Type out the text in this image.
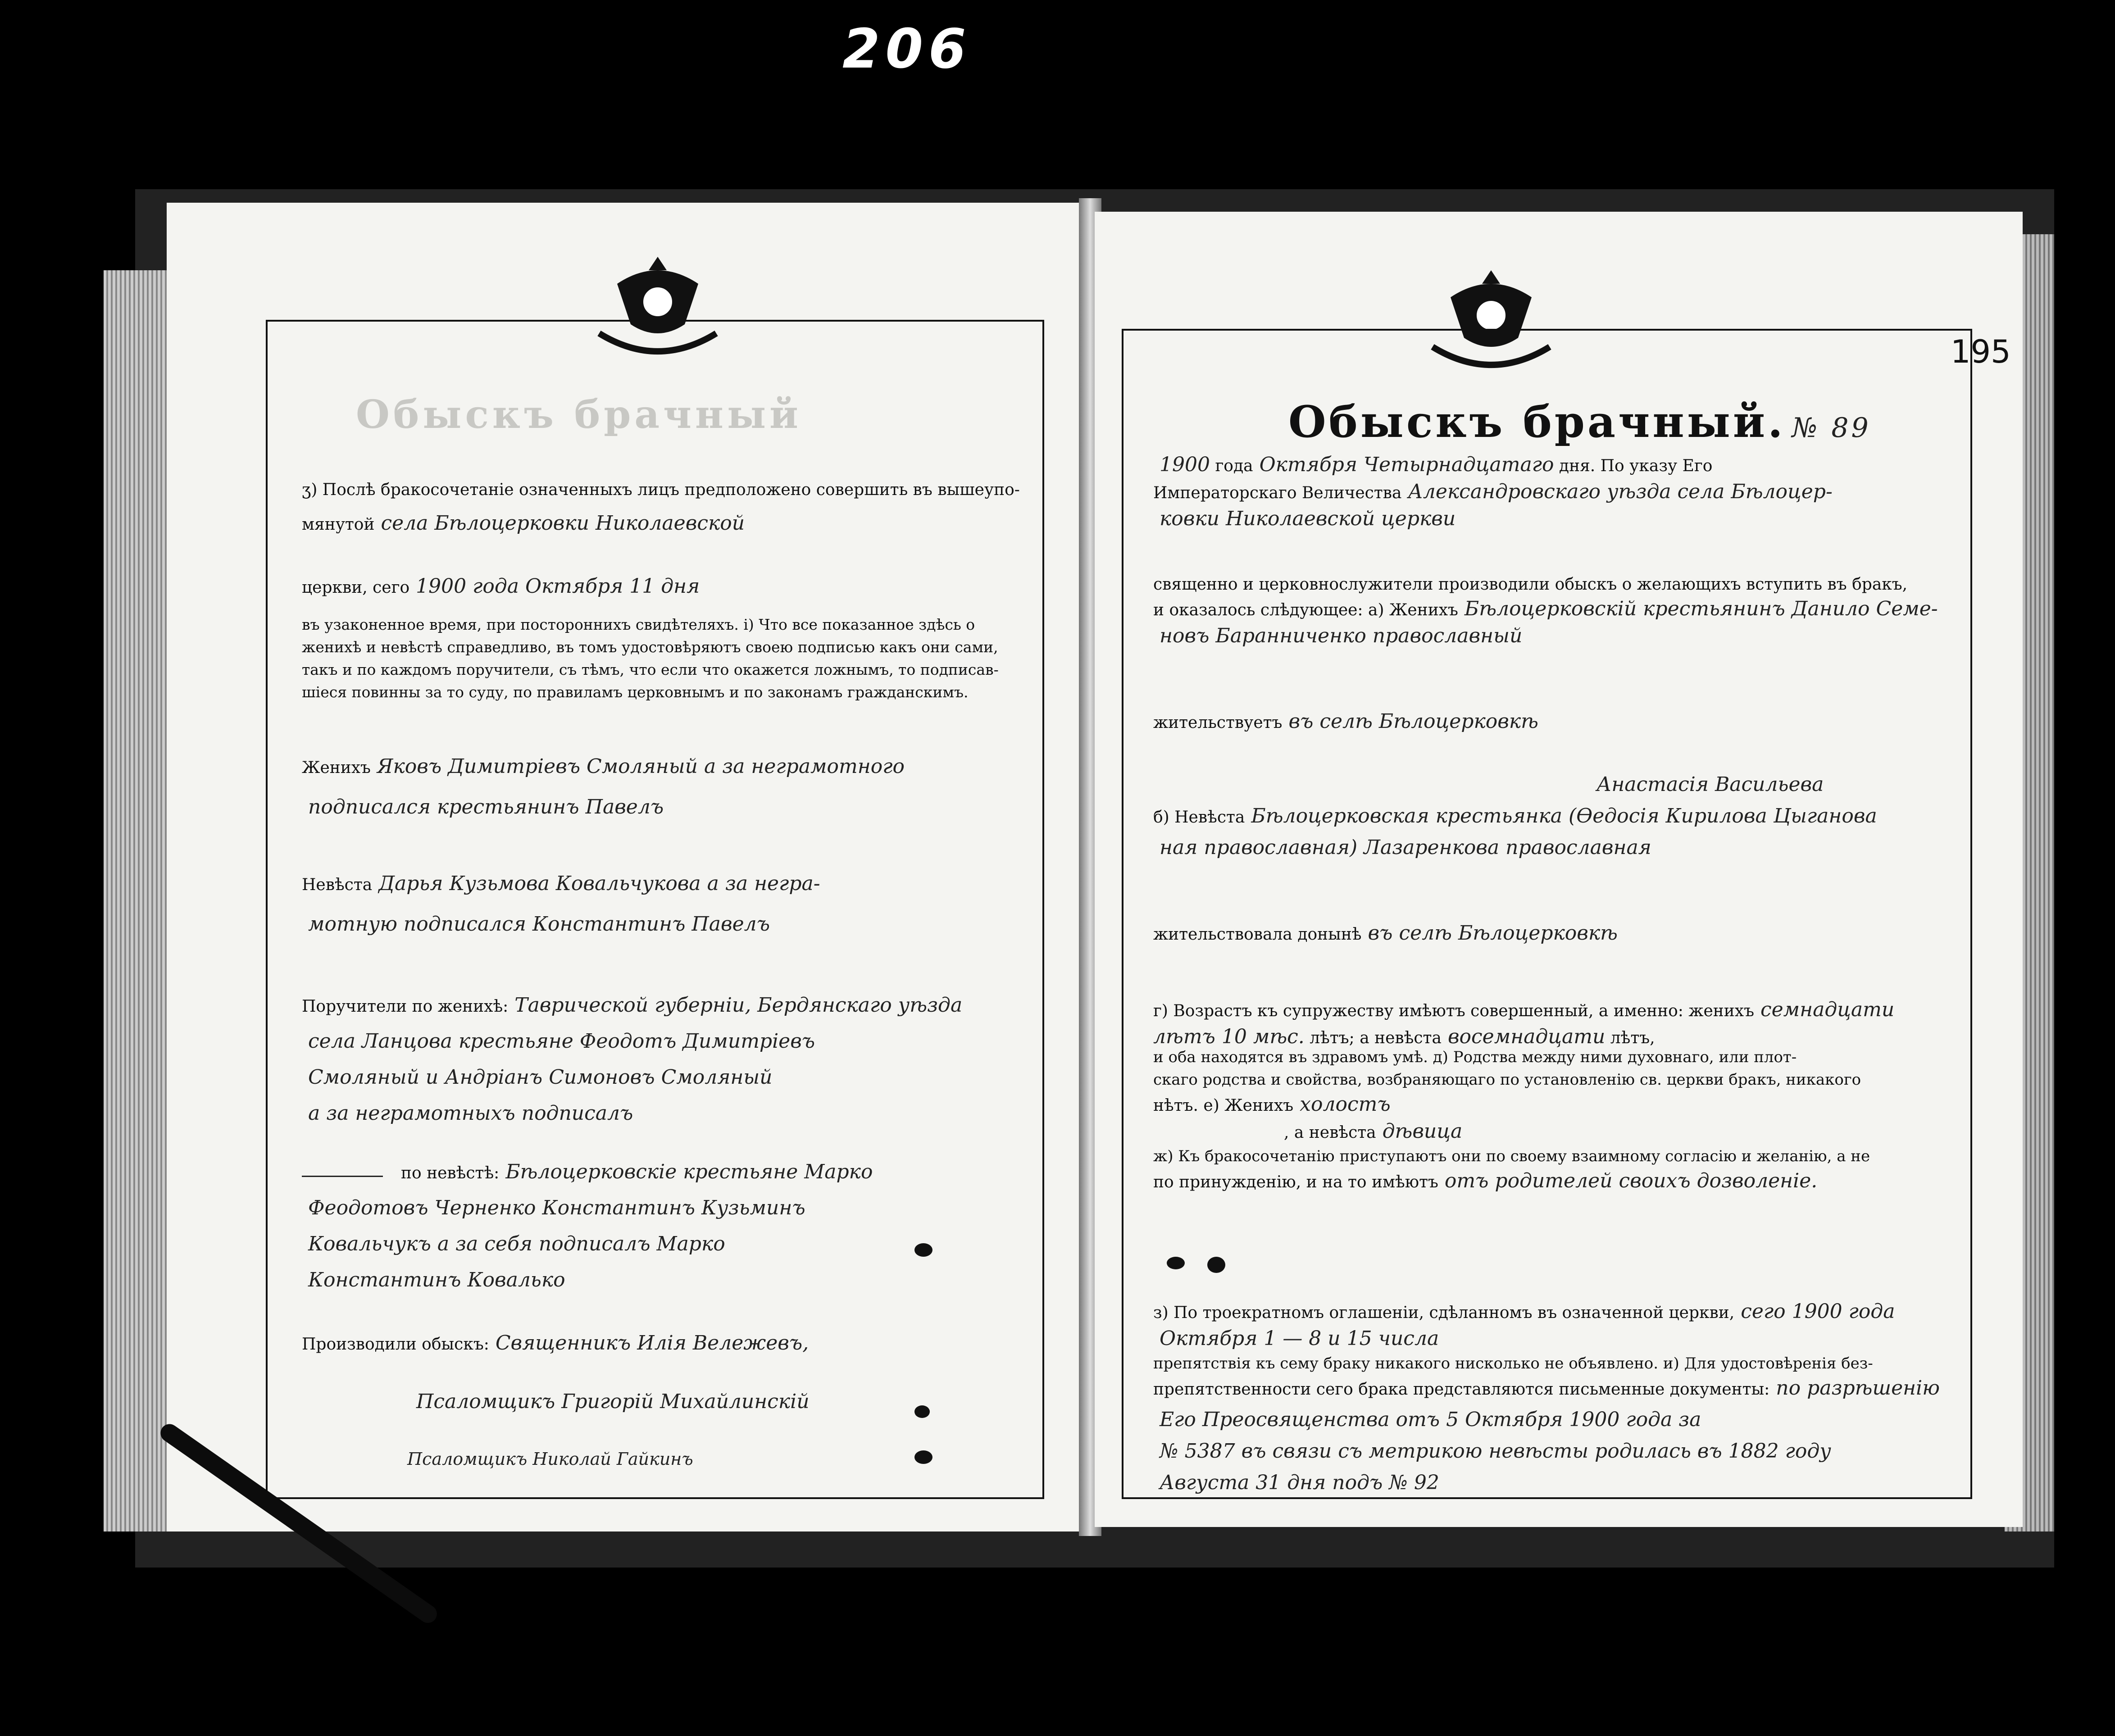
206
Обыскъ брачный
ӡ) Послѣ бракосочетаніе означенныхъ лицъ предположено совершить въ вышеупо-
мянутой села Бѣлоцерковки Николаевской
церкви, сего 1900 года Октября 11 дня
въ узаконенное время, при постороннихъ свидѣтеляхъ. і) Что все показанное здѣсь о
женихѣ и невѣстѣ справедливо, въ томъ удостовѣряютъ своею подписью какъ они сами,
такъ и по каждомъ поручители, съ тѣмъ, что если что окажется ложнымъ, то подписав-
шіеся повинны за то суду, по правиламъ церковнымъ и по законамъ гражданскимъ.
Женихъ Яковъ Димитріевъ Смоляный а за неграмотного
подписался крестьянинъ Павелъ
Невѣста Дарья Кузьмова Ковальчукова а за негра-
мотную подписался Константинъ Павелъ
Поручители по женихѣ: Таврической губерніи, Бердянскаго уѣзда
села Ланцова крестьяне Феодотъ Димитріевъ
Смоляный и Андріанъ Симоновъ Смоляный
а за неграмотныхъ подписалъ
по невѣстѣ: Бѣлоцерковскіе крестьяне Марко
Феодотовъ Черненко Константинъ Кузьминъ
Ковальчукъ а за себя подписалъ Марко
Константинъ Ковалько
Производили обыскъ: Священникъ Илія Вележевъ,
Псаломщикъ Григорій Михайлинскій
Псаломщикъ Николай Гайкинъ
195
Обыскъ брачный. № 89
1900 года Октября Четырнадцатаго дня. По указу Его
Императорскаго Величества Александровскаго уѣзда села Бѣлоцер-
ковки Николаевской церкви
священно и церковнослужители производили обыскъ о желающихъ вступить въ бракъ,
и оказалось слѣдующее: а) Женихъ Бѣлоцерковскій крестьянинъ Данило Семе-
новъ Баранниченко православный
жительствуетъ въ селѣ Бѣлоцерковкѣ
Анастасія Васильева
б) Невѣста Бѣлоцерковская крестьянка (Ѳедосія Кирилова Цыганова
ная православная) Лазаренкова православная
жительствовала донынѣ въ селѣ Бѣлоцерковкѣ
г) Возрастъ къ супружеству имѣютъ совершенный, а именно: женихъ семнадцати
лѣтъ 10 мѣс. лѣтъ; а невѣста восемнадцати лѣтъ,
и оба находятся въ здравомъ умѣ. д) Родства между ними духовнаго, или плот-
скаго родства и свойства, возбраняющаго по установленію св. церкви бракъ, никакого
нѣтъ. е) Женихъ холостъ
, а невѣста дѣвица
ж) Къ бракосочетанію приступаютъ они по своему взаимному согласію и желанію, а не
по принужденію, и на то имѣютъ отъ родителей своихъ дозволеніе.
з) По троекратномъ оглашеніи, сдѣланномъ въ означенной церкви, сего 1900 года
Октября 1 — 8 и 15 числа
препятствія къ сему браку никакого нисколько не объявлено. и) Для удостовѣренія без-
препятственности сего брака представляются письменные документы: по разрѣшенію
Его Преосвященства отъ 5 Октября 1900 года за
№ 5387 въ связи съ метрикою невѣсты родилась въ 1882 году
Августа 31 дня подъ № 92
